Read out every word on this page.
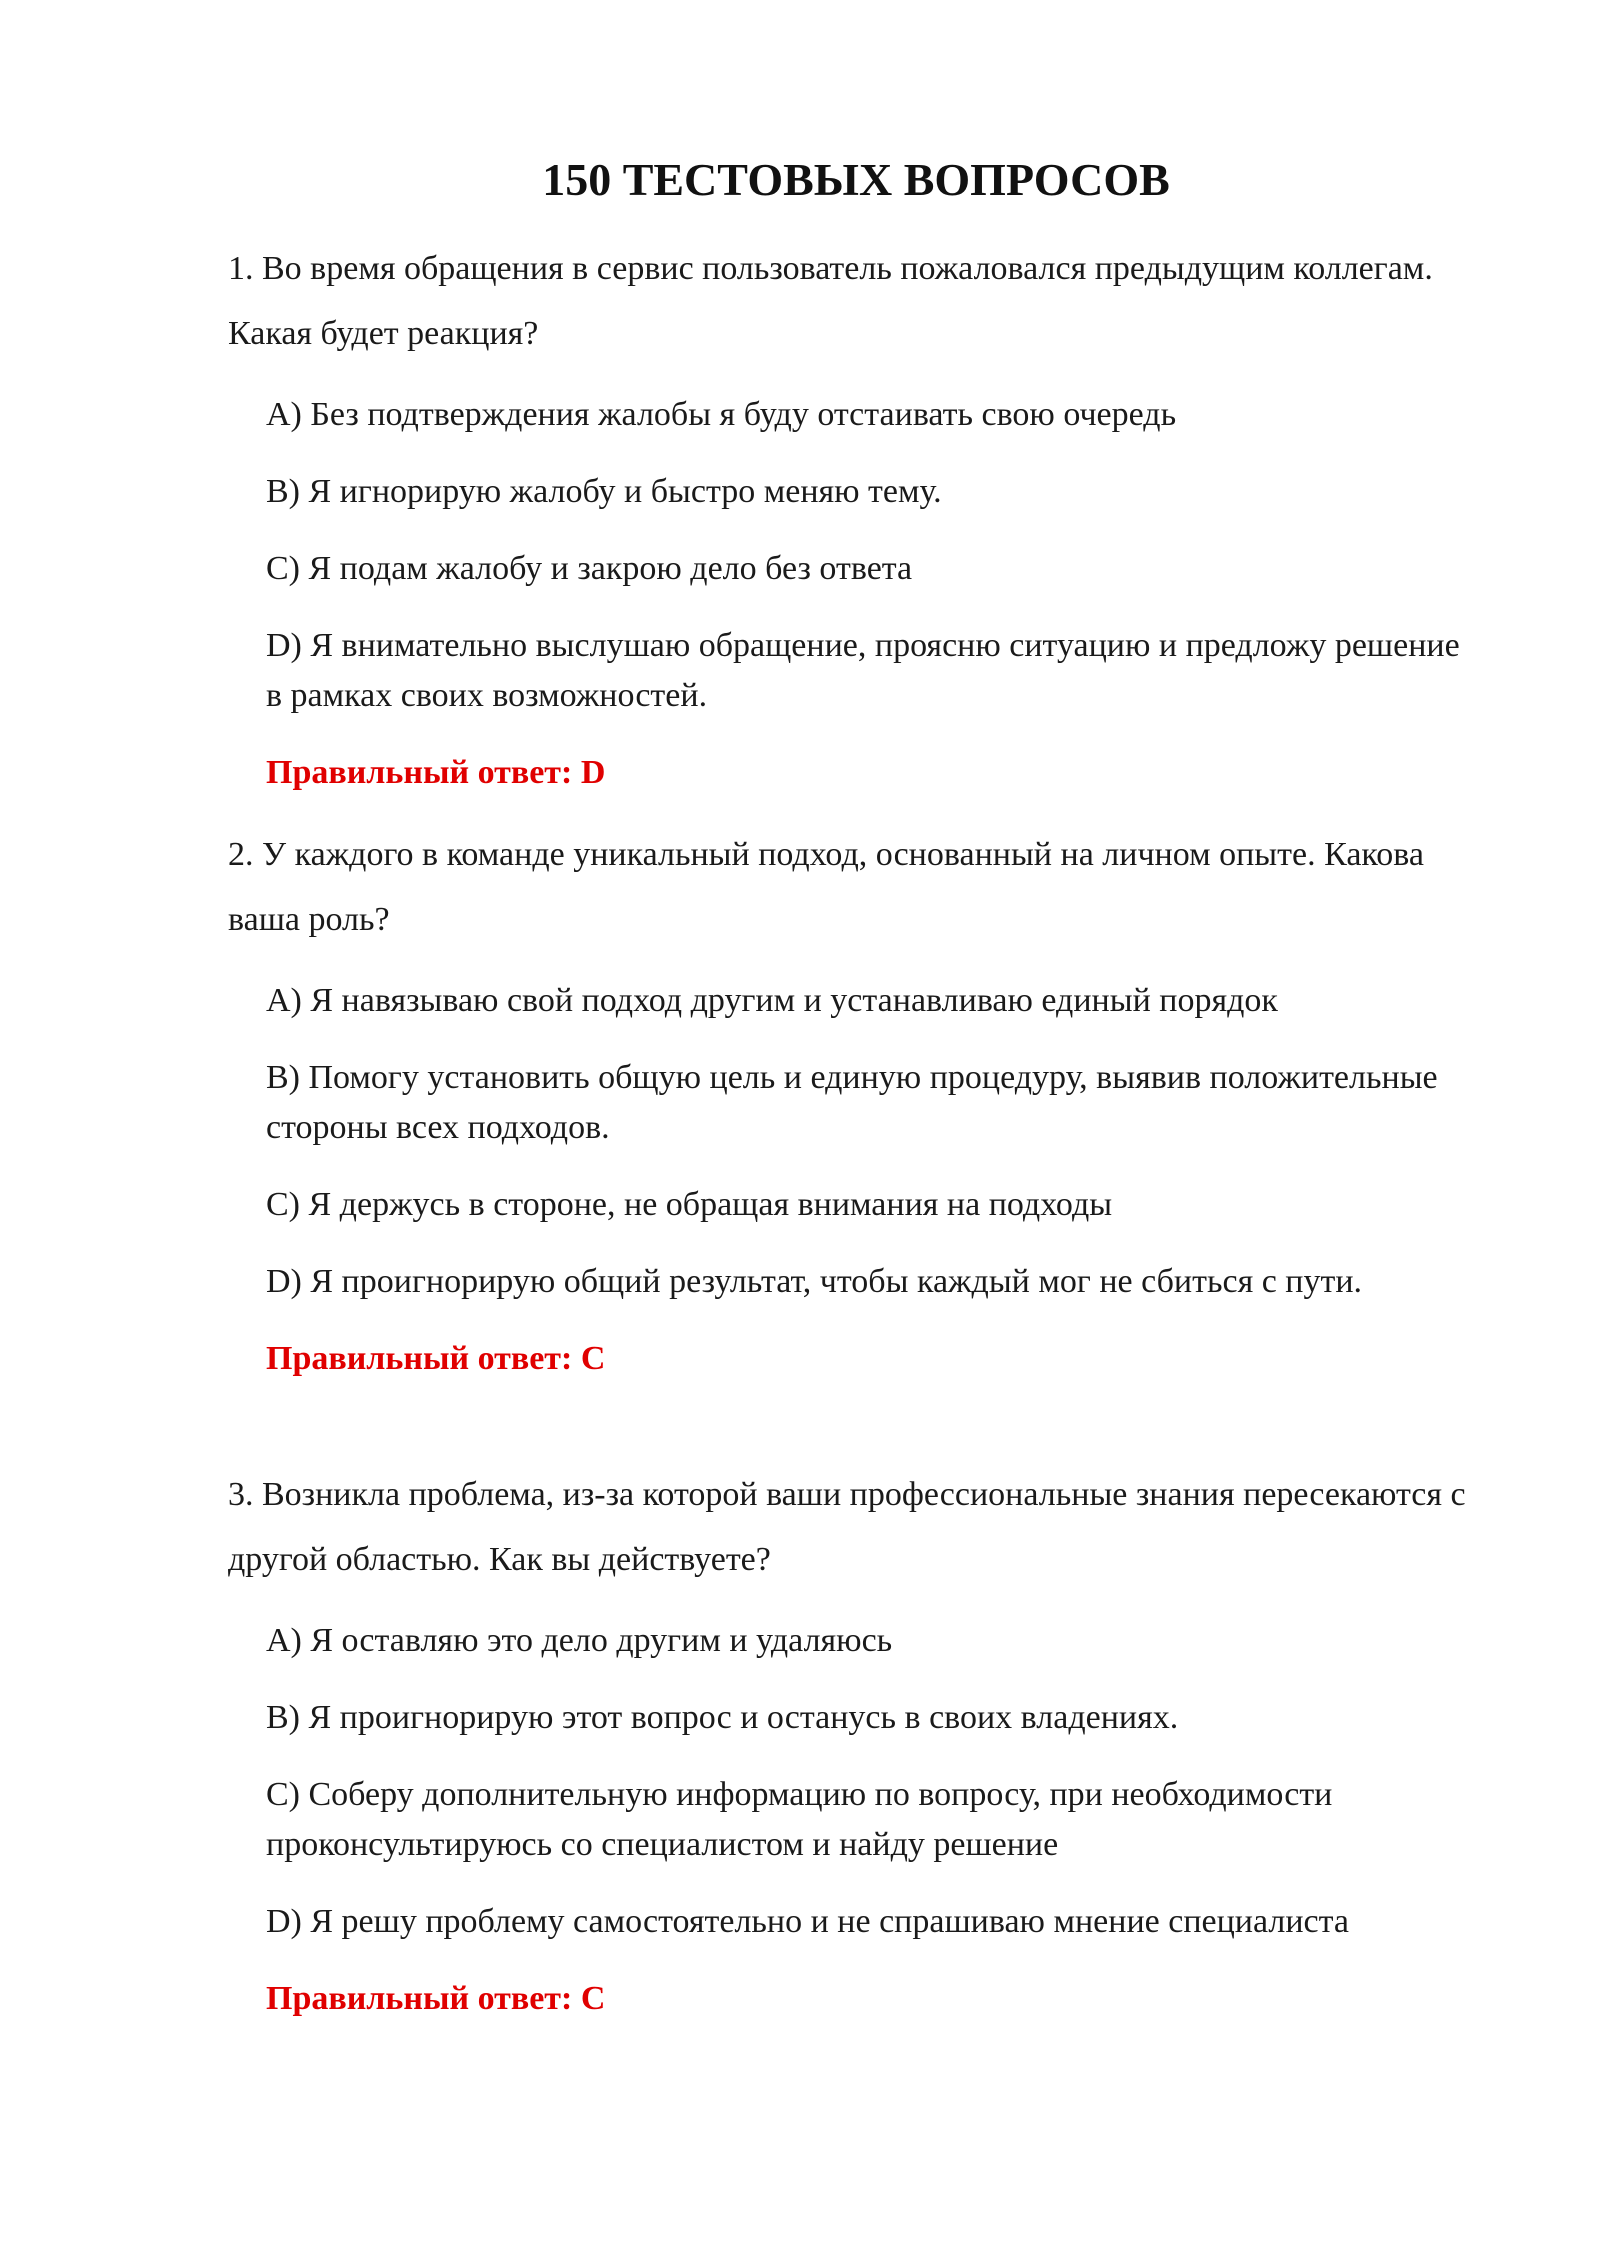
150 ТЕСТОВЫХ ВОПРОСОВ

1. Во время обращения в сервис пользователь пожаловался предыдущим коллегам. Какая будет реакция?

A) Без подтверждения жалобы я буду отстаивать свою очередь
B) Я игнорирую жалобу и быстро меняю тему.
C) Я подам жалобу и закрою дело без ответа
D) Я внимательно выслушаю обращение, проясню ситуацию и предложу решение в рамках своих возможностей.
Правильный ответ: D

2. У каждого в команде уникальный подход, основанный на личном опыте. Какова ваша роль?

A) Я навязываю свой подход другим и устанавливаю единый порядок
B) Помогу установить общую цель и единую процедуру, выявив положительные стороны всех подходов.
C) Я держусь в стороне, не обращая внимания на подходы
D) Я проигнорирую общий результат, чтобы каждый мог не сбиться с пути.
Правильный ответ: C

3. Возникла проблема, из-за которой ваши профессиональные знания пересекаются с другой областью. Как вы действуете?

A) Я оставляю это дело другим и удаляюсь
B) Я проигнорирую этот вопрос и останусь в своих владениях.
C) Соберу дополнительную информацию по вопросу, при необходимости проконсультируюсь со специалистом и найду решение
D) Я решу проблему самостоятельно и не спрашиваю мнение специалиста
Правильный ответ: C
